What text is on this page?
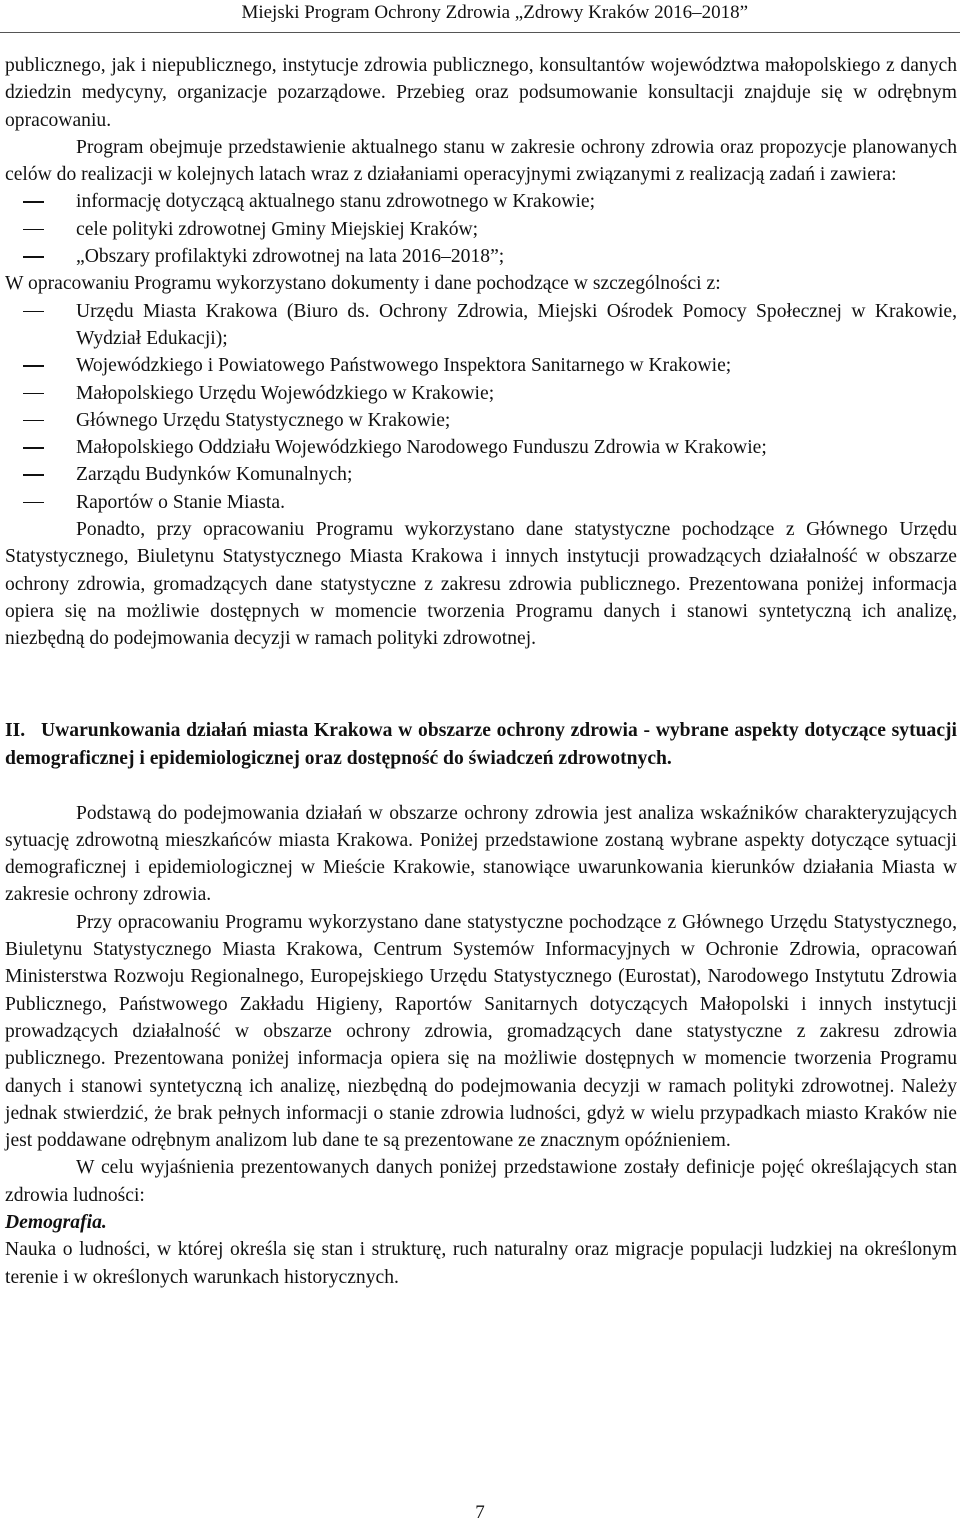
Miejski Program Ochrony Zdrowia „Zdrowy Kraków 2016–2018”

publicznego, jak i niepublicznego, instytucje zdrowia publicznego, konsultantów województwa małopolskiego z danych dziedzin medycyny, organizacje pozarządowe. Przebieg oraz podsumowanie konsultacji znajduje się w odrębnym opracowaniu.

Program obejmuje przedstawienie aktualnego stanu w zakresie ochrony zdrowia oraz propozycje planowanych celów do realizacji w kolejnych latach wraz z działaniami operacyjnymi związanymi z realizacją zadań i zawiera:

informację dotyczącą aktualnego stanu zdrowotnego w Krakowie;
cele polityki zdrowotnej Gminy Miejskiej Kraków;
„Obszary profilaktyki zdrowotnej na lata 2016–2018”;

W opracowaniu Programu wykorzystano dokumenty i dane pochodzące w szczególności z:

Urzędu Miasta Krakowa (Biuro ds. Ochrony Zdrowia, Miejski Ośrodek Pomocy Społecznej w Krakowie, Wydział Edukacji);
Wojewódzkiego i Powiatowego Państwowego Inspektora Sanitarnego w Krakowie;
Małopolskiego Urzędu Wojewódzkiego w Krakowie;
Głównego Urzędu Statystycznego w Krakowie;
Małopolskiego Oddziału Wojewódzkiego Narodowego Funduszu Zdrowia w Krakowie;
Zarządu Budynków Komunalnych;
Raportów o Stanie Miasta.

Ponadto, przy opracowaniu Programu wykorzystano dane statystyczne pochodzące z Głównego Urzędu Statystycznego, Biuletynu Statystycznego Miasta Krakowa i innych instytucji prowadzących działalność w obszarze ochrony zdrowia, gromadzących dane statystyczne z zakresu zdrowia publicznego. Prezentowana poniżej informacja opiera się na możliwie dostępnych w momencie tworzenia Programu danych i stanowi syntetyczną ich analizę, niezbędną do podejmowania decyzji w ramach polityki zdrowotnej.

II. Uwarunkowania działań miasta Krakowa w obszarze ochrony zdrowia - wybrane aspekty dotyczące sytuacji demograficznej i epidemiologicznej oraz dostępność do świadczeń zdrowotnych.

Podstawą do podejmowania działań w obszarze ochrony zdrowia jest analiza wskaźników charakteryzujących sytuację zdrowotną mieszkańców miasta Krakowa. Poniżej przedstawione zostaną wybrane aspekty dotyczące sytuacji demograficznej i epidemiologicznej w Mieście Krakowie, stanowiące uwarunkowania kierunków działania Miasta w zakresie ochrony zdrowia.

Przy opracowaniu Programu wykorzystano dane statystyczne pochodzące z Głównego Urzędu Statystycznego, Biuletynu Statystycznego Miasta Krakowa, Centrum Systemów Informacyjnych w Ochronie Zdrowia, opracowań Ministerstwa Rozwoju Regionalnego, Europejskiego Urzędu Statystycznego (Eurostat), Narodowego Instytutu Zdrowia Publicznego, Państwowego Zakładu Higieny, Raportów Sanitarnych dotyczących Małopolski i innych instytucji prowadzących działalność w obszarze ochrony zdrowia, gromadzących dane statystyczne z zakresu zdrowia publicznego. Prezentowana poniżej informacja opiera się na możliwie dostępnych w momencie tworzenia Programu danych i stanowi syntetyczną ich analizę, niezbędną do podejmowania decyzji w ramach polityki zdrowotnej. Należy jednak stwierdzić, że brak pełnych informacji o stanie zdrowia ludności, gdyż w wielu przypadkach miasto Kraków nie jest poddawane odrębnym analizom lub dane te są prezentowane ze znacznym opóźnieniem.

W celu wyjaśnienia prezentowanych danych poniżej przedstawione zostały definicje pojęć określających stan zdrowia ludności:

Demografia.

Nauka o ludności, w której określa się stan i strukturę, ruch naturalny oraz migracje populacji ludzkiej na określonym terenie i w określonych warunkach historycznych.

7
